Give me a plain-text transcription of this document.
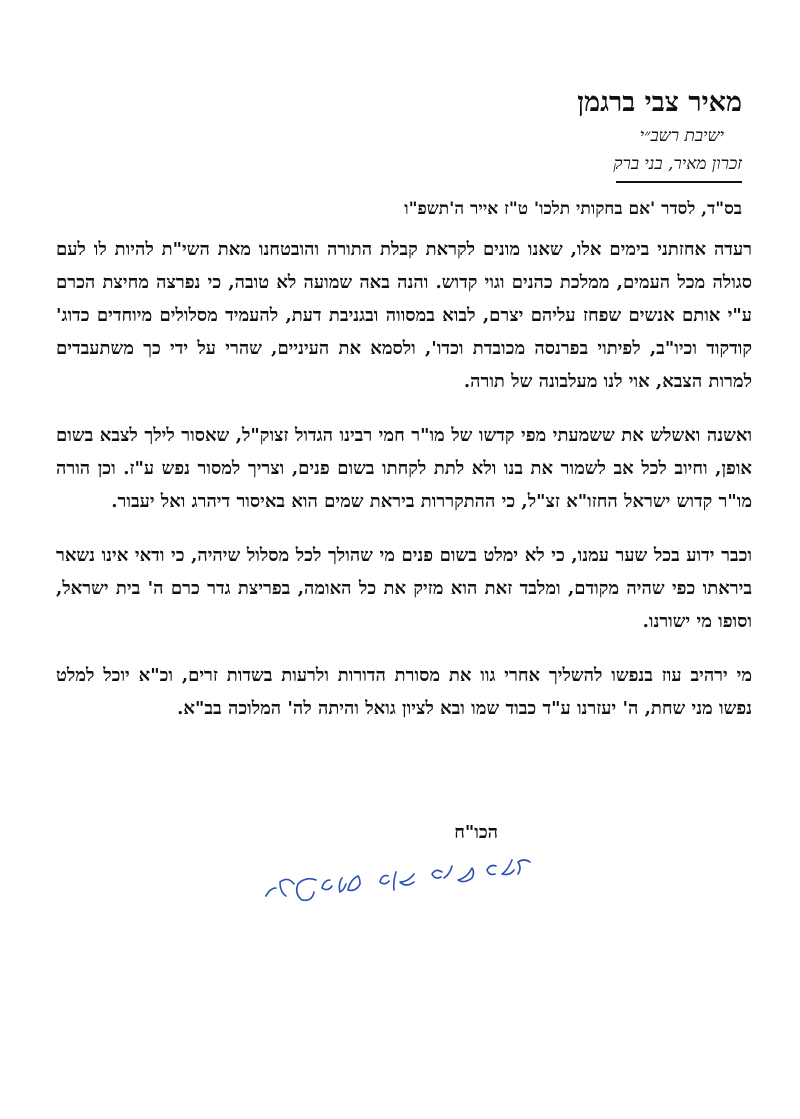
מאיר צבי ברגמן
ישיבת רשב״י
זכרון מאיר, בני ברק
בס"ד, לסדר 'אם בחקותי תלכו' ט"ז אייר ה'תשפ"ו

רעדה אחזתני בימים אלו, שאנו מונים לקראת קבלת התורה והובטחנו מאת השי"ת להיות לו לעם סגולה מכל העמים, ממלכת כהנים וגוי קדוש. והנה באה שמועה לא טובה, כי נפרצה מחיצת הכרם ע"י אותם אנשים שפחז עליהם יצרם, לבוא במסווה ובגניבת דעת, להעמיד מסלולים מיוחדים כדוג' קודקוד וכיו"ב, לפיתוי בפרנסה מכובדת וכדו', ולסמא את העיניים, שהרי על ידי כך משתעבדים למרות הצבא, אוי לנו מעלבונה של תורה.

ואשנה ואשלש את ששמעתי מפי קדשו של מו"ר חמי רבינו הגדול זצוק"ל, שאסור לילך לצבא בשום אופן, וחיוב לכל אב לשמור את בנו ולא לתת לקחתו בשום פנים, וצריך למסור נפש ע"ז. וכן הורה מו"ר קדוש ישראל החזו"א זצ"ל, כי ההתקררות ביראת שמים הוא באיסור דיהרג ואל יעבור.

וכבר ידוע בכל שער עמנו, כי לא ימלט בשום פנים מי שהולך לכל מסלול שיהיה, כי ודאי אינו נשאר ביראתו כפי שהיה מקודם, ומלבד זאת הוא מזיק את כל האומה, בפריצת גדר כרם ה' בית ישראל, וסופו מי ישורנו.

מי ירהיב עוז בנפשו להשליך אחרי גוו את מסורת הדורות ולרעות בשדות זרים, וכ"א יוכל למלט נפשו מני שחת, ה' יעזרנו ע"ד כבוד שמו ובא לציון גואל והיתה לה' המלוכה בב"א.

הכו"ח
